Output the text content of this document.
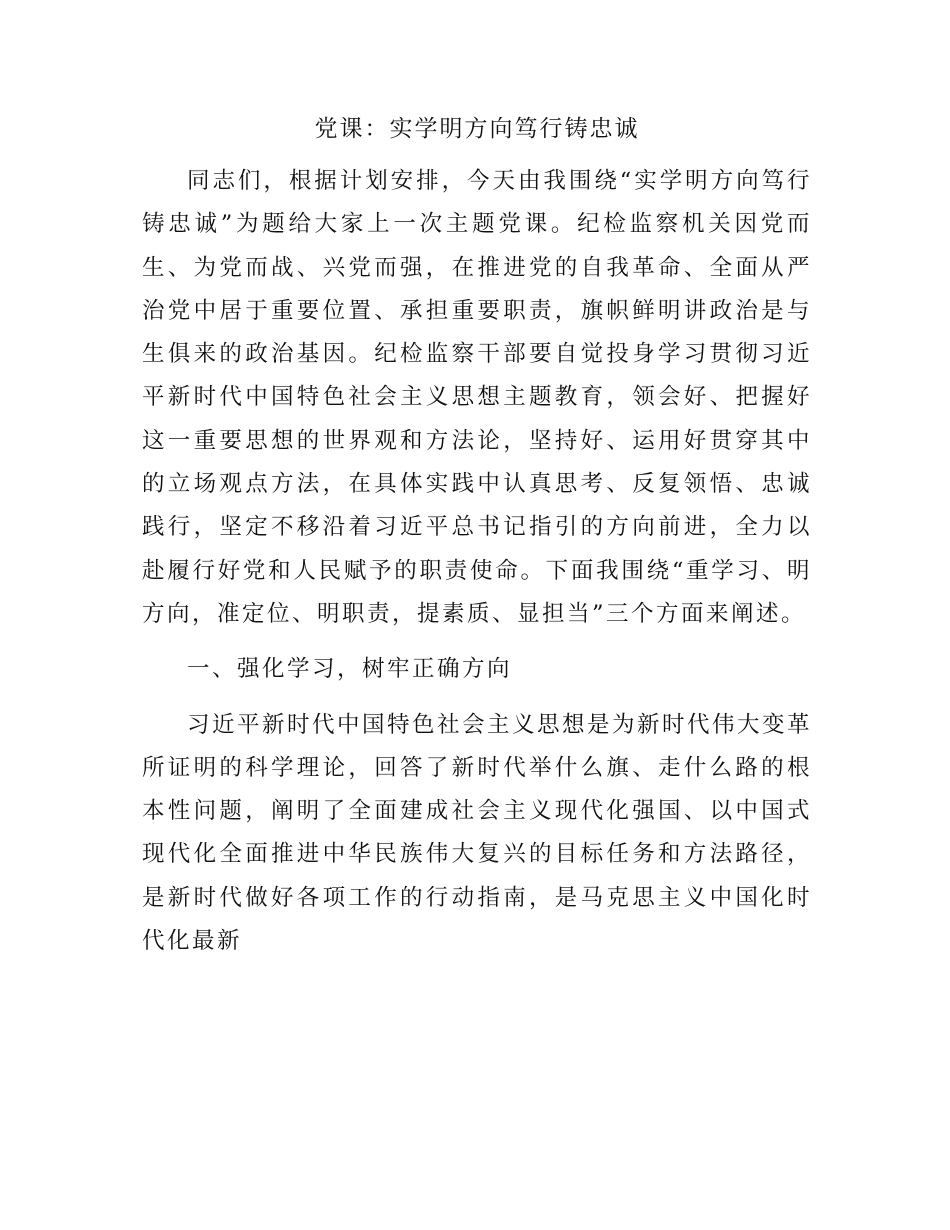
党课：实学明方向笃行铸忠诚

同志们，根据计划安排，今天由我围绕“实学明方向笃行铸忠诚”为题给大家上一次主题党课。纪检监察机关因党而生、为党而战、兴党而强，在推进党的自我革命、全面从严治党中居于重要位置、承担重要职责，旗帜鲜明讲政治是与生俱来的政治基因。纪检监察干部要自觉投身学习贯彻习近平新时代中国特色社会主义思想主题教育，领会好、把握好这一重要思想的世界观和方法论，坚持好、运用好贯穿其中的立场观点方法，在具体实践中认真思考、反复领悟、忠诚践行，坚定不移沿着习近平总书记指引的方向前进，全力以赴履行好党和人民赋予的职责使命。下面我围绕“重学习、明方向，准定位、明职责，提素质、显担当”三个方面来阐述。

一、强化学习，树牢正确方向

习近平新时代中国特色社会主义思想是为新时代伟大变革所证明的科学理论，回答了新时代举什么旗、走什么路的根本性问题，阐明了全面建成社会主义现代化强国、以中国式现代化全面推进中华民族伟大复兴的目标任务和方法路径，是新时代做好各项工作的行动指南，是马克思主义中国化时代化最新
